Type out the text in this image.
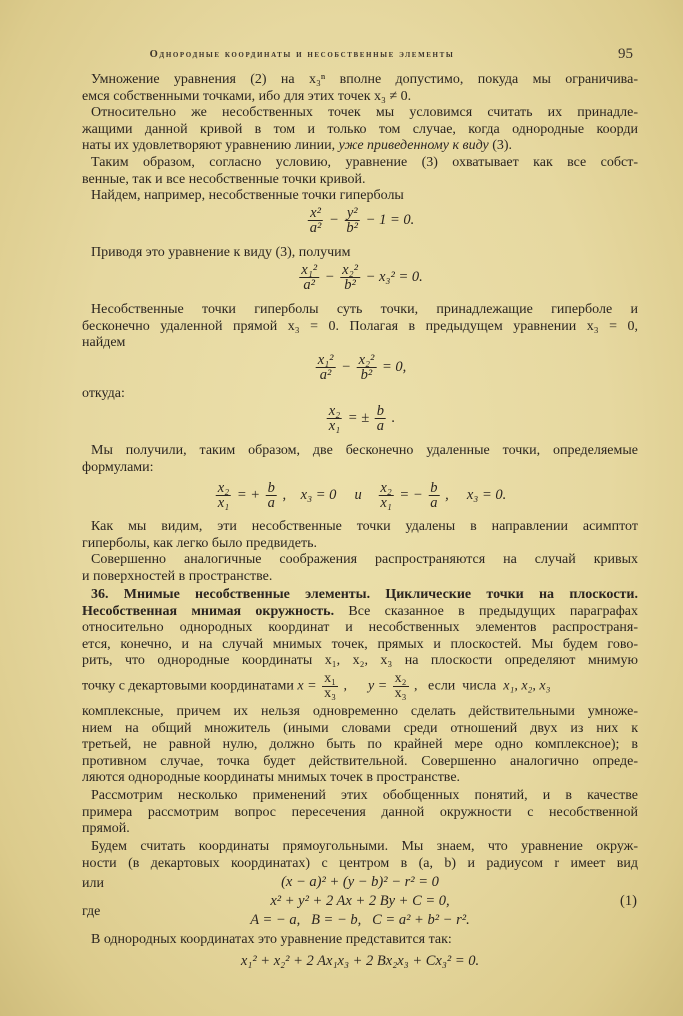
Однородные координаты и несобственные элементы	95
Умножение уравнения (2) на x₃ⁿ вполне допустимо, покуда мы ограничива-
емся собственными точками, ибо для этих точек x₃ ≠ 0.
Относительно же несобственных точек мы условимся считать их принадле-
жащими данной кривой в том и только том случае, когда однородные коорди
наты их удовлетворяют уравнению линии, уже приведенному к виду (3).
Таким образом, согласно условию, уравнение (3) охватывает как все собст-
венные, так и все несобственные точки кривой.
Найдем, например, несобственные точки гиперболы
$\frac{\text{x²}}{\text{a²}} - \frac{\text{y²}}{\text{b²}} - 1 = 0$.
Приводя это уравнение к виду (3), получим
$\frac{\text{x₁²}}{\text{a²}} - \frac{\text{x₂²}}{\text{b²}} - x_3^2 = 0$.
Несобственные точки гиперболы суть точки, принадлежащие гиперболе и
бесконечно удаленной прямой x₃ = 0. Полагая в предыдущем уравнении x₃ = 0,
найдем
$\frac{\text{x₁²}}{\text{a²}} - \frac{\text{x₂²}}{\text{b²}} = 0$,
откуда:
$\frac{\text{x₂}}{\text{x₁}}$ = ± $\frac{b}{a}$ .
Мы получили, таким образом, две бесконечно удаленные точки, определяемые
формулами:
$\frac{\text{x₂}}{\text{x₁}}$ = + $\frac{b}{a}$ ,    x₃ = 0     и $\frac{\text{x₂}}{\text{x₁}}$ = − $\frac{b}{a}$ ,     x₃ = 0.
Как мы видим, эти несобственные точки удалены в направлении асимптот
гиперболы, как легко было предвидеть.
Совершенно аналогичные соображения распространяются на случай кривых
и поверхностей в пространстве.
36. Мнимые несобственные элементы. Циклические точки на плоскости.
Несобственная мнимая окружность. Все сказанное в предыдущих параграфах
относительно однородных координат и несобственных элементов распространя-
ется, конечно, и на случай мнимых точек, прямых и плоскостей. Мы будем гово-
рить, что однородные координаты x₁, x₂, x₃ на плоскости определяют мнимую
точку с декартовыми координатами $x = \frac{\text{x₁}}{\text{x₃}}$ ,      $y = \frac{\text{x₂}}{\text{x₃}}$ ,   если  числа  x₁, x₂, x₃
комплексные, причем их нельзя одновременно сделать действительными умноже-
нием на общий множитель (иными словами среди отношений двух из них к
третьей, не равной нулю, должно быть по крайней мере одно комплексное); в
противном случае, точка будет действительной. Совершенно аналогично опреде-
ляются однородные координаты мнимых точек в пространстве.
Рассмотрим несколько применений этих обобщенных понятий, и в качестве
примера рассмотрим вопрос пересечения данной окружности с несобственной
прямой.
Будем считать координаты прямоугольными. Мы знаем, что уравнение окруж-
ности (в декартовых координатах) с центром в (a, b) и радиусом r имеет вид
(x − a)² + (y − b)² − r² = 0
или
x² + y² + 2 Ax + 2 By + C = 0,	(1)
где
A = − a,   B = − b,   C = a² + b² − r².
В однородных координатах это уравнение представится так:
x₁² + x₂² + 2 Ax₁x₃ + 2 Bx₂x₃ + Cx₃² = 0.
